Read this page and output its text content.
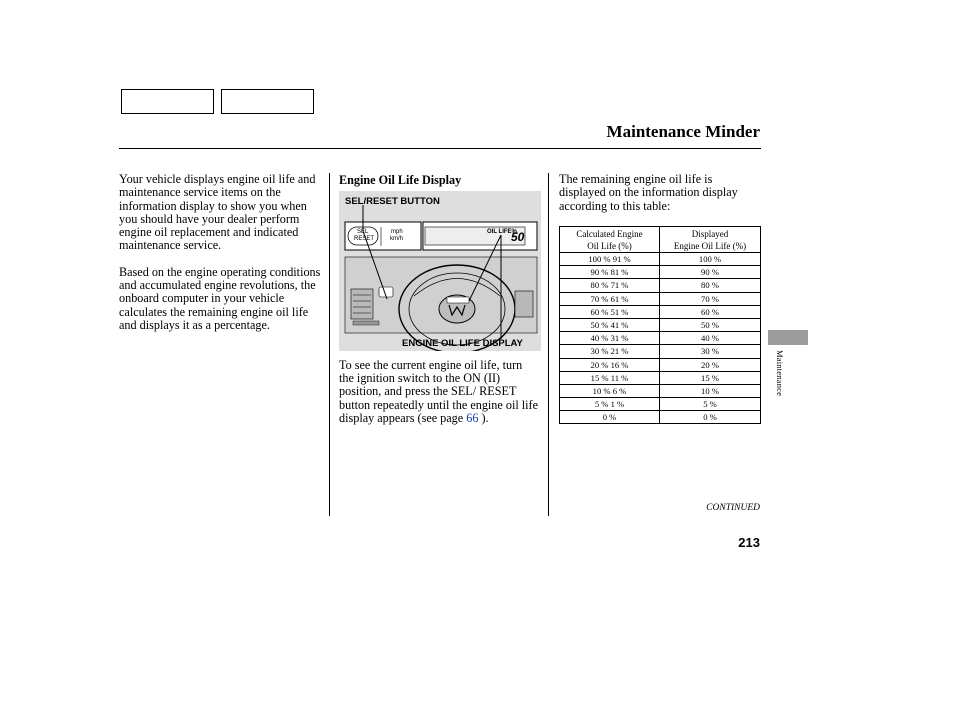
Maintenance Minder

Your vehicle displays engine oil life and maintenance service items on the information display to show you when you should have your dealer perform engine oil replacement and indicated maintenance service.

Based on the engine operating conditions and accumulated engine revolutions, the onboard computer in your vehicle calculates the remaining engine oil life and displays it as a percentage.

Engine Oil Life Display
SEL/RESET BUTTON
SEL
RESET
mph
km/h
OIL LIFE%
50
ENGINE OIL LIFE DISPLAY
To see the current engine oil life, turn the ignition switch to the ON (II) position, and press the SEL/ RESET button repeatedly until the engine oil life display appears (see page 66 ).
The remaining engine oil life is displayed on the information display according to this table:
Calculated Engine
Oil Life (%)	Displayed
Engine Oil Life (%)
100 % 91 %	100 %
90 % 81 %	90 %
80 % 71 %	80 %
70 % 61 %	70 %
60 % 51 %	60 %
50 % 41 %	50 %
40 % 31 %	40 %
30 % 21 %	30 %
20 % 16 %	20 %
15 % 11 %	15 %
10 % 6 %	10 %
5 % 1 %	5 %
0 %	0 %
Maintenance
CONTINUED
213
